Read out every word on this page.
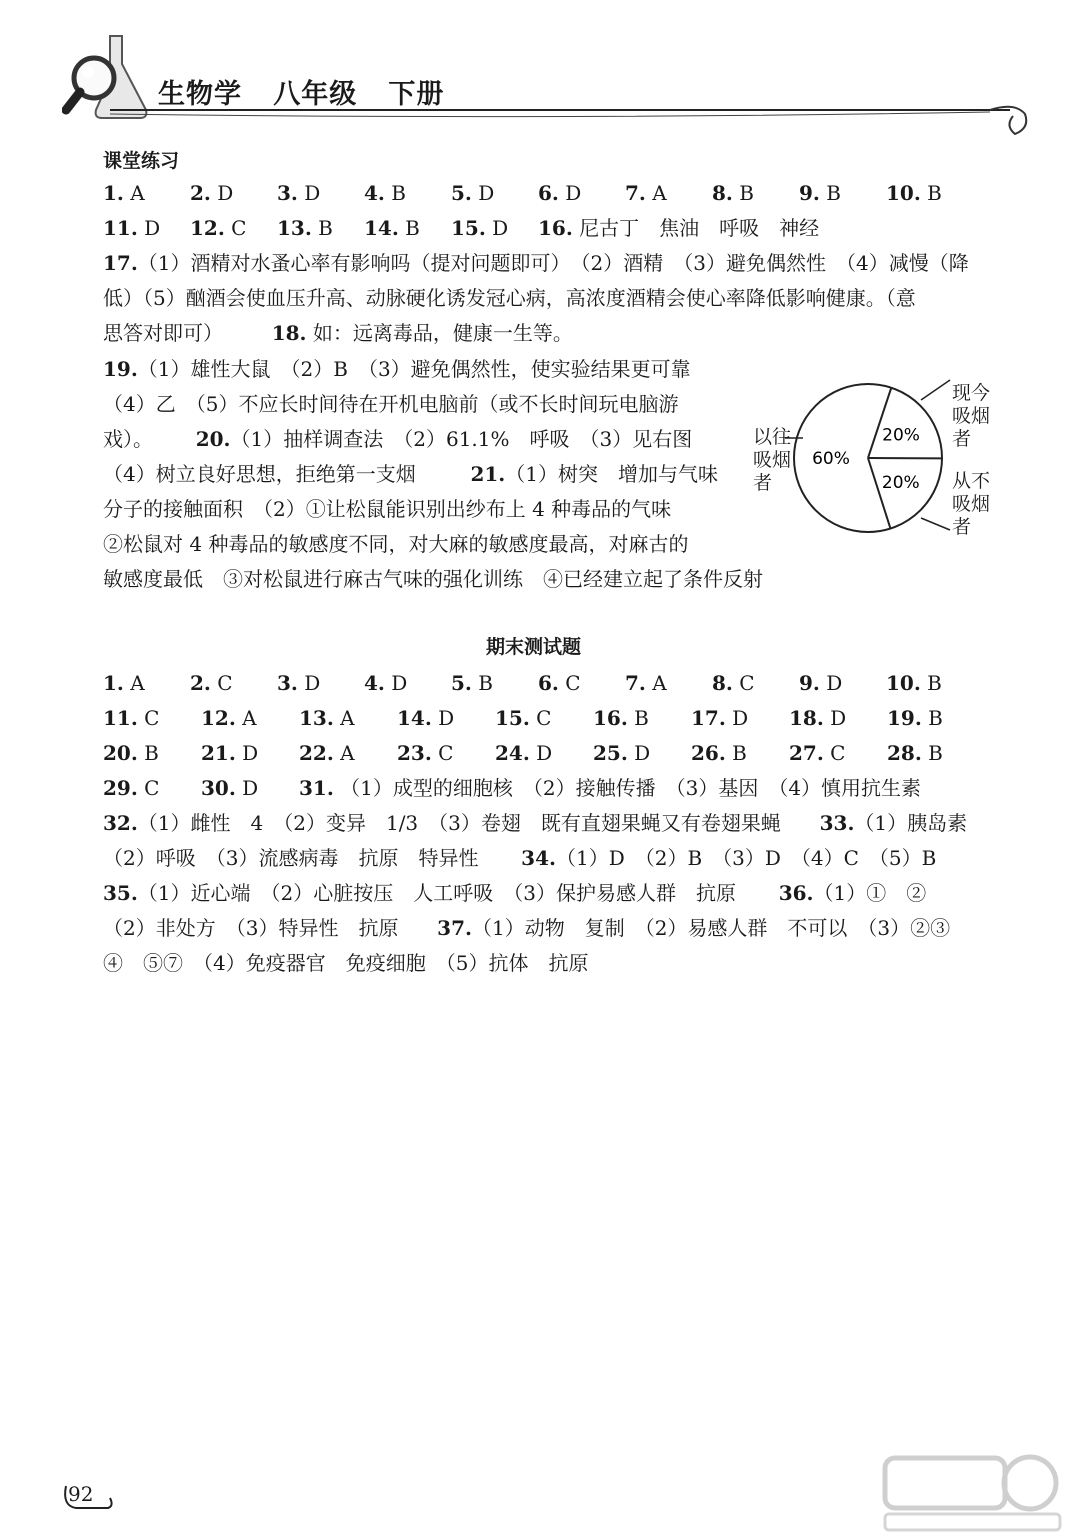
生物学   八年级   下册
课堂练习
1. A 2. D 3. D 4. B 5. D 6. D 7. A 8. B 9. B 10. B
11. D 12. C 13. B 14. B 15. D 16. 尼古丁　焦油　呼吸　神经
17.（1）酒精对水蚤心率有影响吗（提对问题即可）　（2）酒精　（3）避免偶然性　（4）减慢（降
低）（5）酗酒会使血压升高、动脉硬化诱发冠心病，高浓度酒精会使心率降低影响健康。（意
思答对即可） 18. 如：远离毒品，健康一生等。
19.（1）雄性大鼠　（2）B　（3）避免偶然性，使实验结果更可靠
（4）乙　（5）不应长时间待在开机电脑前（或不长时间玩电脑游
戏）。 20.（1）抽样调查法　（2）61.1%　呼吸　（3）见右图
（4）树立良好思想，拒绝第一支烟	21.（1）树突　增加与气味
分子的接触面积　（2）①让松鼠能识别出纱布上 4 种毒品的气味
②松鼠对 4 种毒品的敏感度不同，对大麻的敏感度最高，对麻古的
敏感度最低　③对松鼠进行麻古气味的强化训练　④已经建立起了条件反射
60%
20%
20%
以往
吸烟
者
现今
吸烟
者
从不
吸烟
者
期末测试题
1. A 2. C 3. D 4. D 5. B 6. C 7. A 8. C 9. D 10. B
11. C 12. A 13. A 14. D 15. C 16. B 17. D 18. D 19. B
20. B 21. D 22. A 23. C 24. D 25. D 26. B 27. C 28. B
29. C 30. D 31. （1）成型的细胞核　（2）接触传播　（3）基因　（4）慎用抗生素
32.（1）雌性　4　（2）变异　1/3　（3）卷翅　既有直翅果蝇又有卷翅果蝇 33.（1）胰岛素
（2）呼吸　（3）流感病毒　抗原　特异性 34.（1）D　（2）B　（3）D　（4）C　（5）B
35.（1）近心端　（2）心脏按压　人工呼吸　（3）保护易感人群　抗原 36.（1）①　②
（2）非处方　（3）特异性　抗原 37.（1）动物　复制　（2）易感人群　不可以　（3）②③
④　⑤⑦　（4）免疫器官　免疫细胞　（5）抗体　抗原
92
